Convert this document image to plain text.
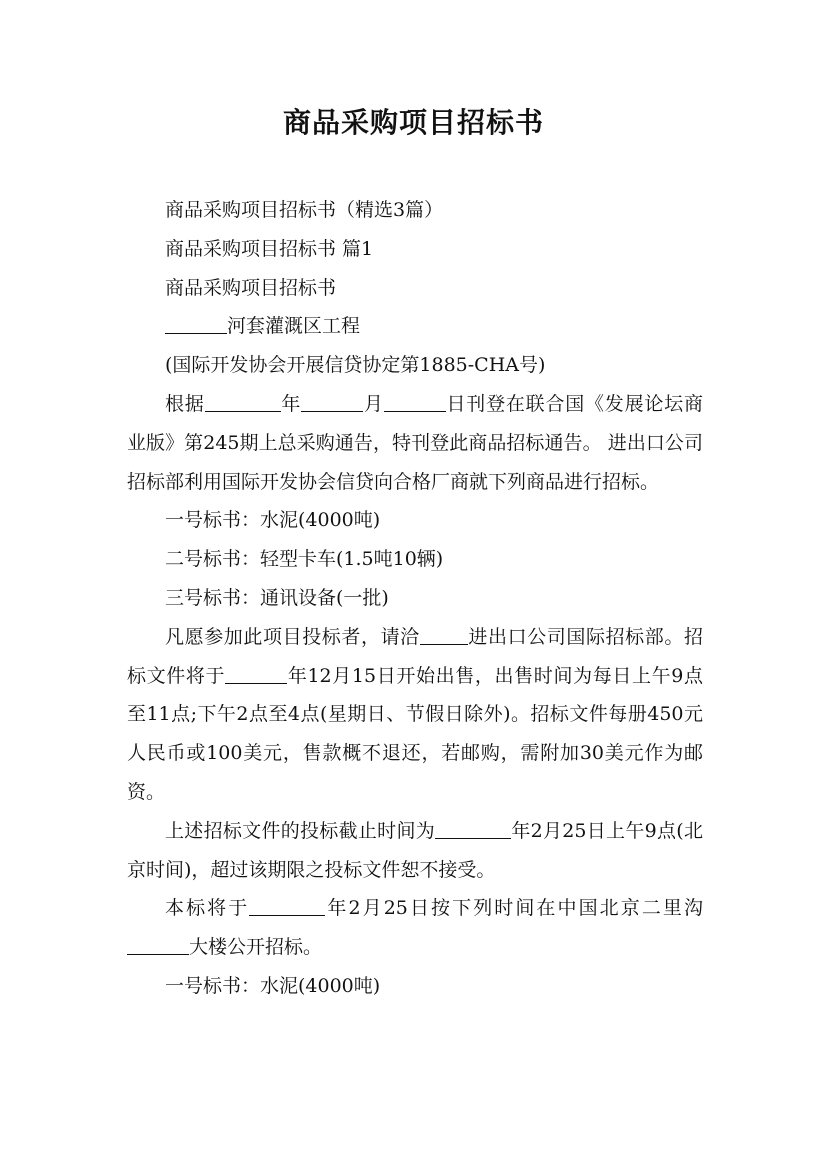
商品采购项目招标书

商品采购项目招标书（精选3篇）

商品采购项目招标书 篇1

商品采购项目招标书

河套灌溉区工程

(国际开发协会开展信贷协定第1885-CHA号)

根据	年	月	日刊登在联合国《发展论坛商业版》第245期上总采购通告，特刊登此商品招标通告。 进出口公司招标部利用国际开发协会信贷向合格厂商就下列商品进行招标。

一号标书：水泥(4000吨)

二号标书：轻型卡车(1.5吨10辆)

三号标书：通讯设备(一批)

凡愿参加此项目投标者，请洽	进出口公司国际招标部。招标文件将于	年12月15日开始出售，出售时间为每日上午9点至11点;下午2点至4点(星期日、节假日除外)。招标文件每册450元人民币或100美元，售款概不退还，若邮购，需附加30美元作为邮资。

上述招标文件的投标截止时间为	年2月25日上午9点(北京时间)，超过该期限之投标文件恕不接受。

本标将于	年2月25日按下列时间在中国北京二里沟大楼公开招标。

一号标书：水泥(4000吨)
